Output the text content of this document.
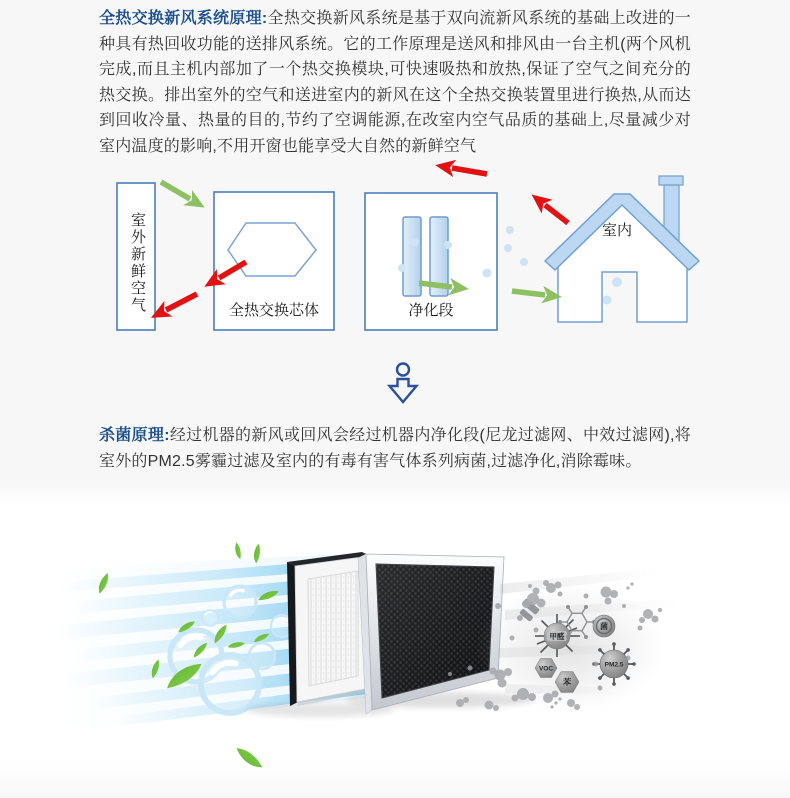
全热交换新风系统原理:全热交换新风系统是基于双向流新风系统的基础上改进的一种具有热回收功能的送排风系统。它的工作原理是送风和排风由一台主机(两个风机完成,而且主机内部加了一个热交换模块,可快速吸热和放热,保证了空气之间充分的热交换。排出室外的空气和送进室内的新风在这个全热交换装置里进行换热,从而达到回收冷量、热量的目的,节约了空调能源,在改室内空气品质的基础上,尽量减少对室内温度的影响,不用开窗也能享受大自然的新鲜空气

全热交换芯体	净化段
室内
室外新鲜空气

杀菌原理:经过机器的新风或回风会经过机器内净化段(尼龙过滤网、中效过滤网),将室外的PM2.5雾霾过滤及室内的有毒有害气体系列病菌,过滤净化,消除霉味。

甲醛
VOC
苯
菌
PM2.5
